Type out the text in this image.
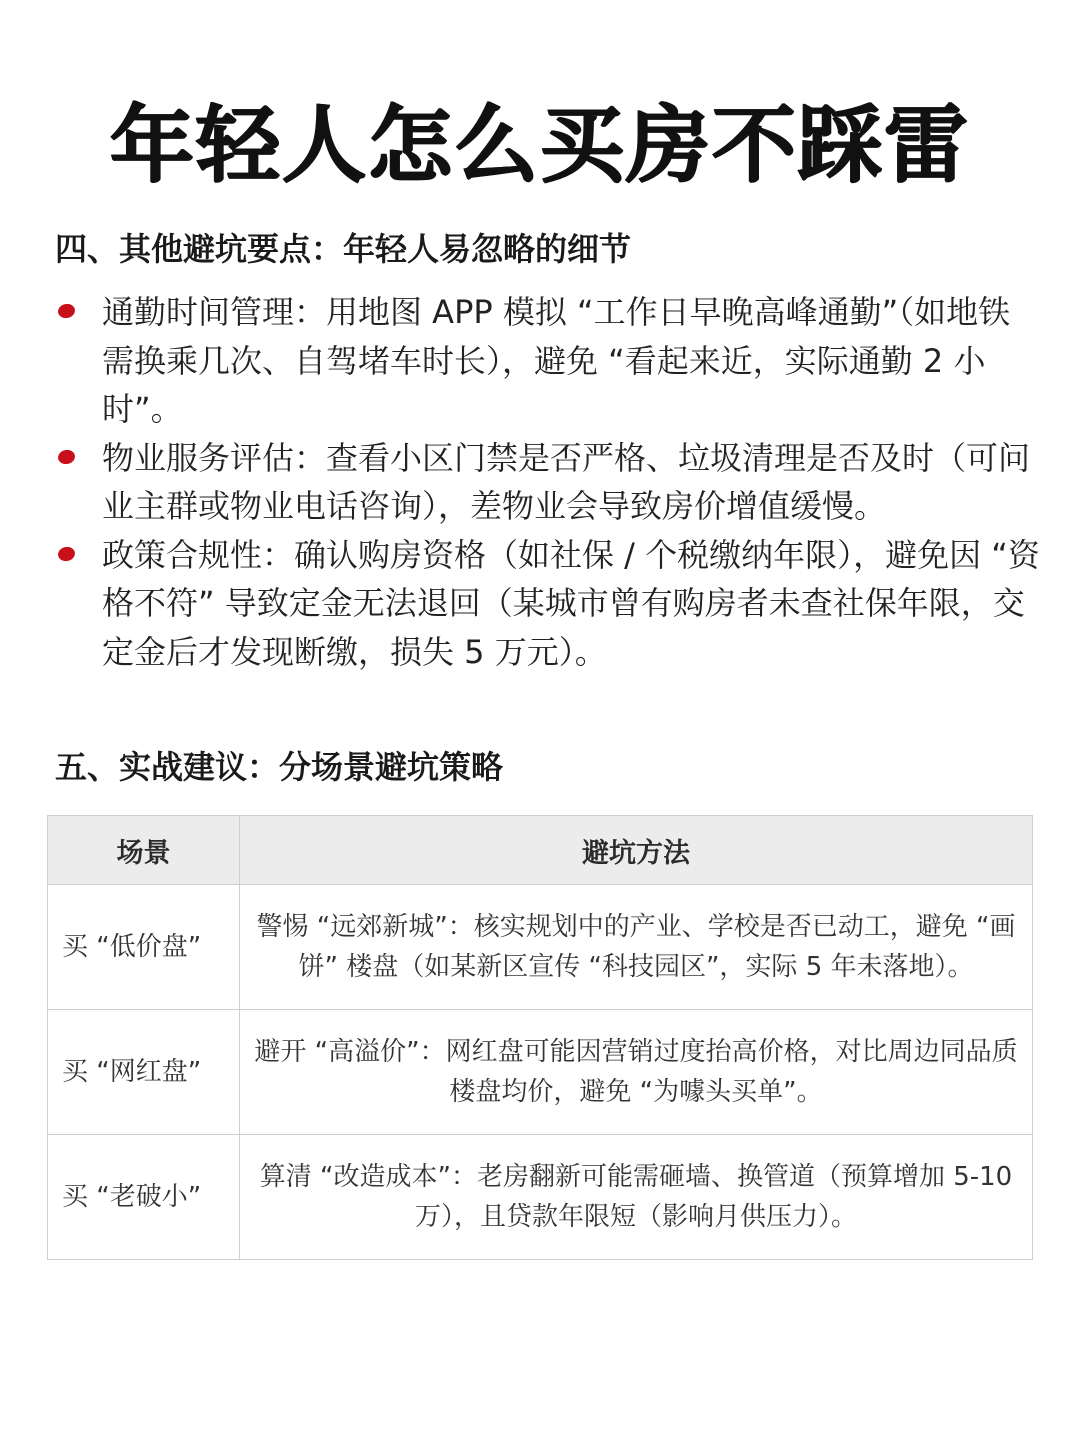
年轻人怎么买房不踩雷
四、其他避坑要点：年轻人易忽略的细节
通勤时间管理：用地图 APP 模拟 “工作日早晚高峰通勤”（如地铁需换乘几次、自驾堵车时长），避免 “看起来近，实际通勤 2 小时”。
物业服务评估：查看小区门禁是否严格、垃圾清理是否及时（可问业主群或物业电话咨询），差物业会导致房价增值缓慢。
政策合规性：确认购房资格（如社保 / 个税缴纳年限），避免因 “资格不符” 导致定金无法退回（某城市曾有购房者未查社保年限，交定金后才发现断缴，损失 5 万元）。
五、实战建议：分场景避坑策略
场景	避坑方法
买 “低价盘”	警惕 “远郊新城”：核实规划中的产业、学校是否已动工，避免 “画饼” 楼盘（如某新区宣传 “科技园区”，实际 5 年未落地）。
买 “网红盘”	避开 “高溢价”：网红盘可能因营销过度抬高价格，对比周边同品质楼盘均价，避免 “为噱头买单”。
买 “老破小”	算清 “改造成本”：老房翻新可能需砸墙、换管道（预算增加 5-10 万），且贷款年限短（影响月供压力）。
